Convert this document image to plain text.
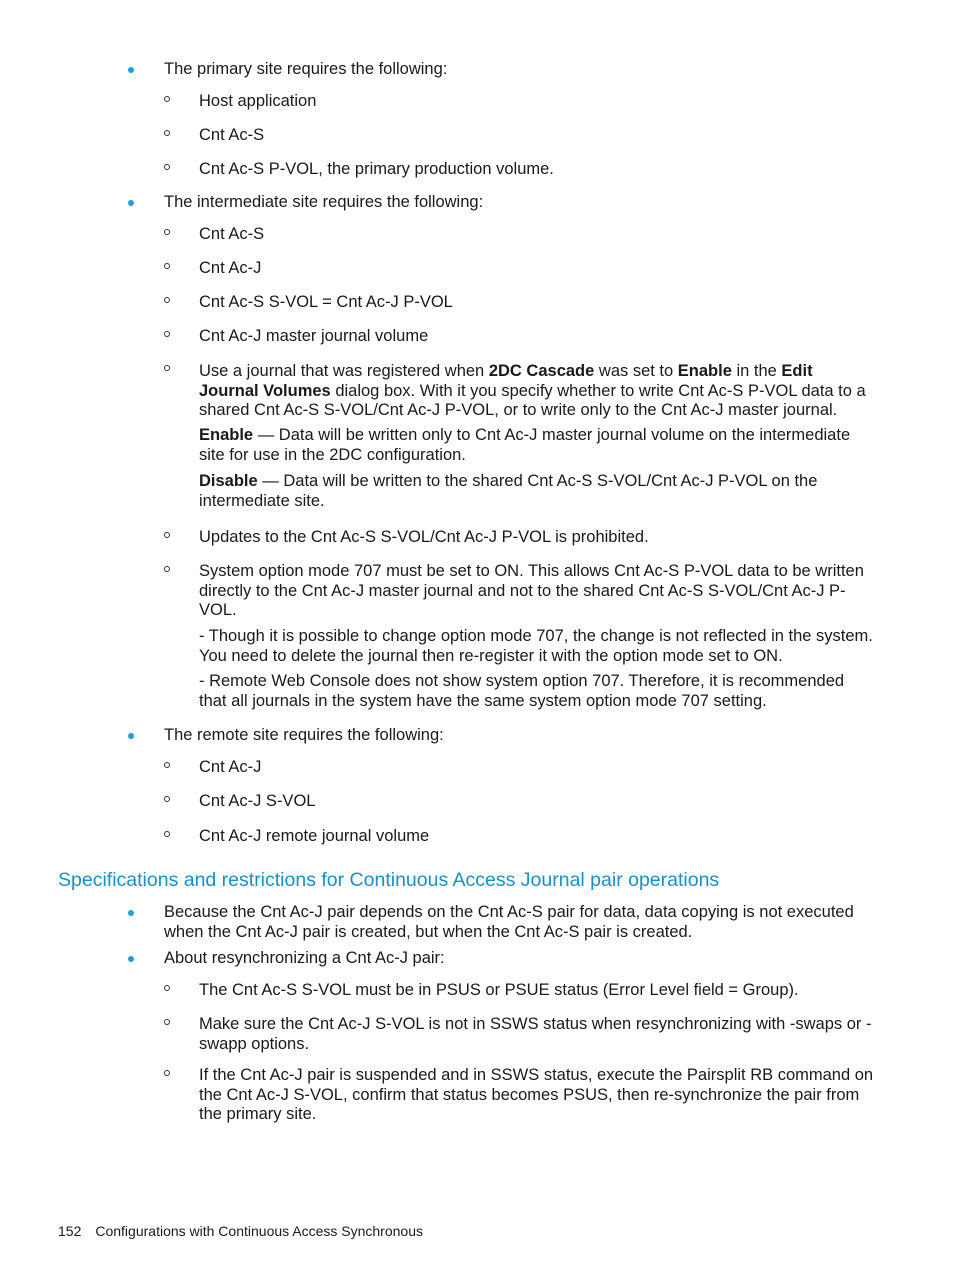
The primary site requires the following:

Host application

Cnt Ac-S

Cnt Ac-S P-VOL, the primary production volume.

The intermediate site requires the following:

Cnt Ac-S

Cnt Ac-J

Cnt Ac-S S-VOL = Cnt Ac-J P-VOL

Cnt Ac-J master journal volume

Use a journal that was registered when 2DC Cascade was set to Enable in the Edit Journal Volumes dialog box. With it you specify whether to write Cnt Ac-S P-VOL data to a shared Cnt Ac-S S-VOL/Cnt Ac-J P-VOL, or to write only to the Cnt Ac-J master journal.

Enable — Data will be written only to Cnt Ac-J master journal volume on the intermediate site for use in the 2DC configuration.

Disable — Data will be written to the shared Cnt Ac-S S-VOL/Cnt Ac-J P-VOL on the intermediate site.

Updates to the Cnt Ac-S S-VOL/Cnt Ac-J P-VOL is prohibited.

System option mode 707 must be set to ON. This allows Cnt Ac-S P-VOL data to be written directly to the Cnt Ac-J master journal and not to the shared Cnt Ac-S S-VOL/Cnt Ac-J P-VOL.

- Though it is possible to change option mode 707, the change is not reflected in the system. You need to delete the journal then re-register it with the option mode set to ON.

- Remote Web Console does not show system option 707. Therefore, it is recommended that all journals in the system have the same system option mode 707 setting.

The remote site requires the following:

Cnt Ac-J

Cnt Ac-J S-VOL

Cnt Ac-J remote journal volume

Specifications and restrictions for Continuous Access Journal pair operations

Because the Cnt Ac-J pair depends on the Cnt Ac-S pair for data, data copying is not executed when the Cnt Ac-J pair is created, but when the Cnt Ac-S pair is created.

About resynchronizing a Cnt Ac-J pair:

The Cnt Ac-S S-VOL must be in PSUS or PSUE status (Error Level field = Group).

Make sure the Cnt Ac-J S-VOL is not in SSWS status when resynchronizing with -swaps or -swapp options.

If the Cnt Ac-J pair is suspended and in SSWS status, execute the Pairsplit RB command on the Cnt Ac-J S-VOL, confirm that status becomes PSUS, then re-synchronize the pair from the primary site.

152 Configurations with Continuous Access Synchronous
